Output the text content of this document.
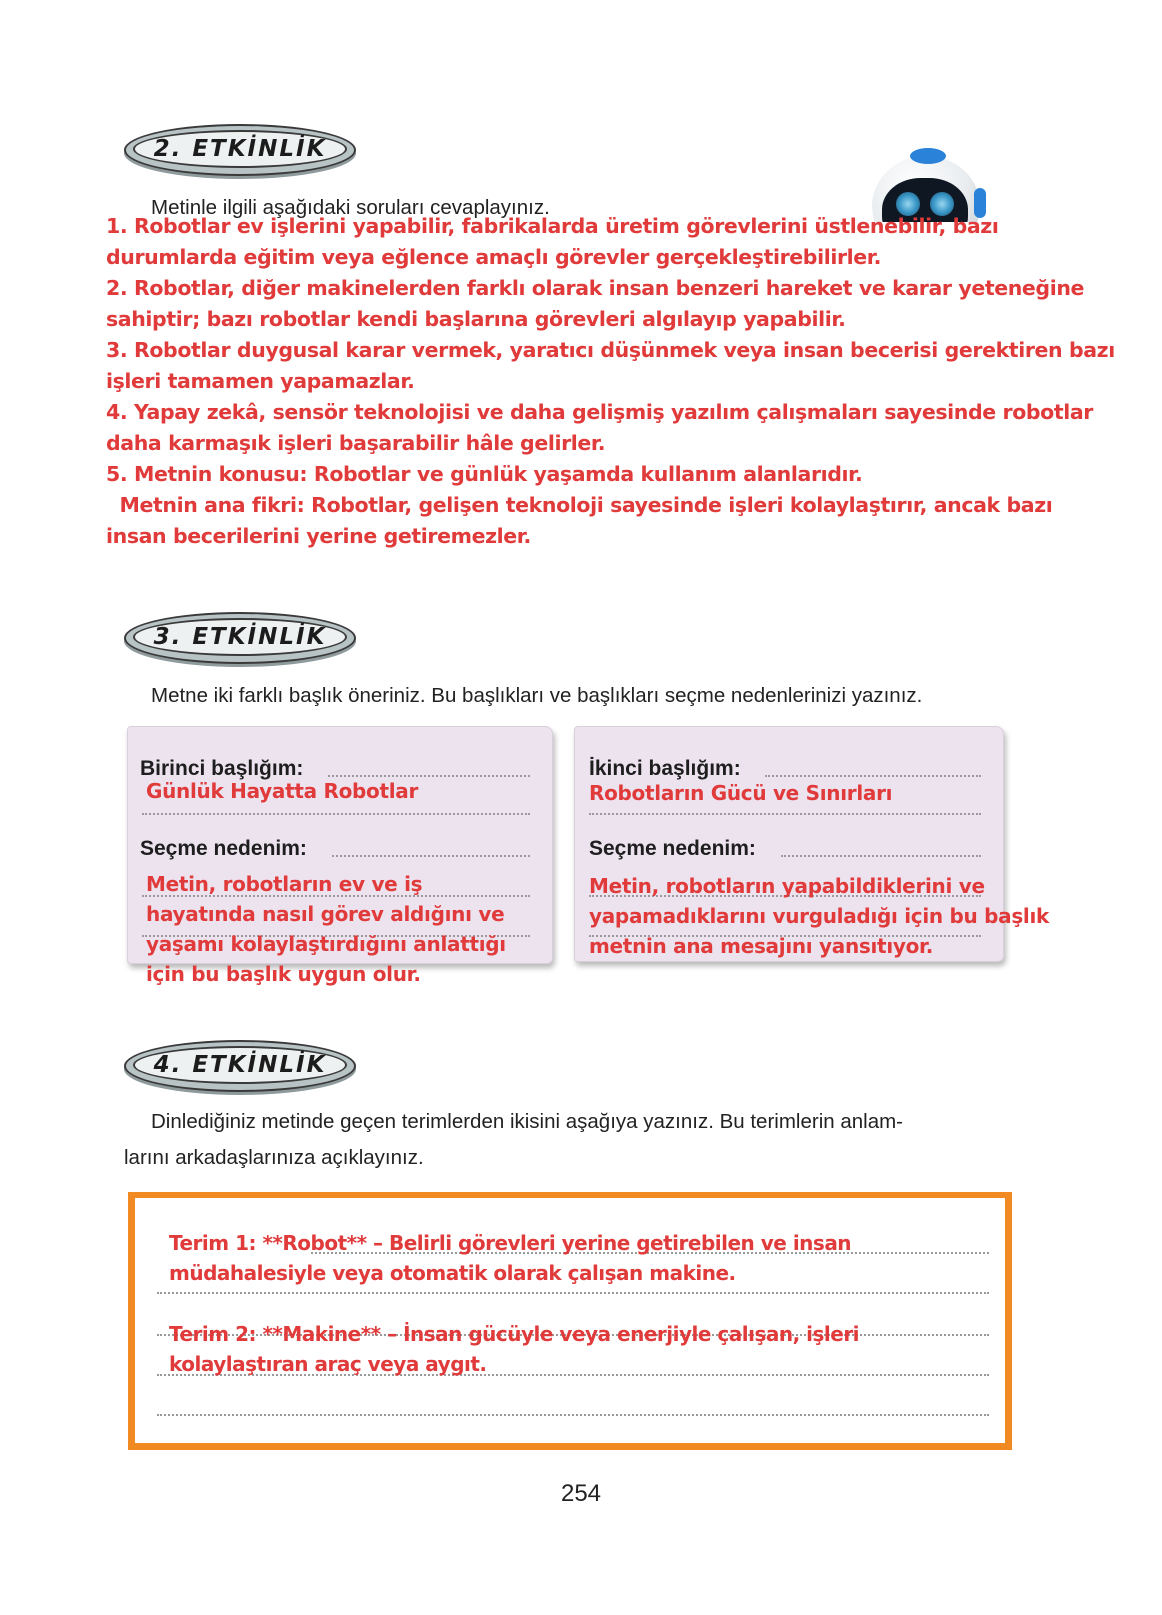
2. ETKİNLİK
Metinle ilgili aşağıdaki soruları cevaplayınız.

1. Robotlar ev işlerini yapabilir, fabrikalarda üretim görevlerini üstlenebilir, bazı

durumlarda eğitim veya eğlence amaçlı görevler gerçekleştirebilirler.

2. Robotlar, diğer makinelerden farklı olarak insan benzeri hareket ve karar yeteneğine

sahiptir; bazı robotlar kendi başlarına görevleri algılayıp yapabilir.

3. Robotlar duygusal karar vermek, yaratıcı düşünmek veya insan becerisi gerektiren bazı

işleri tamamen yapamazlar.

4. Yapay zekâ, sensör teknolojisi ve daha gelişmiş yazılım çalışmaları sayesinde robotlar

daha karmaşık işleri başarabilir hâle gelirler.

5. Metnin konusu: Robotlar ve günlük yaşamda kullanım alanlarıdır.

Metnin ana fikri: Robotlar, gelişen teknoloji sayesinde işleri kolaylaştırır, ancak bazı

insan becerilerini yerine getiremezler.

3. ETKİNLİK
Metne iki farklı başlık öneriniz. Bu başlıkları ve başlıkları seçme nedenlerinizi yazınız.
Birinci başlığım:
Günlük Hayatta Robotlar
Seçme nedenim:

Metin, robotların ev ve iş

hayatında nasıl görev aldığını ve

yaşamı kolaylaştırdığını anlattığı

için bu başlık uygun olur.

İkinci başlığım:
Robotların Gücü ve Sınırları
Seçme nedenim:

Metin, robotların yapabildiklerini ve

yapamadıklarını vurguladığı için bu başlık

metnin ana mesajını yansıtıyor.

4. ETKİNLİK
Dinlediğiniz metinde geçen terimlerden ikisini aşağıya yazınız. Bu terimlerin anlam-
larını arkadaşlarınıza açıklayınız.

Terim 1: **Robot** – Belirli görevleri yerine getirebilen ve insan

müdahalesiyle veya otomatik olarak çalışan makine.

Terim 2: **Makine** – İnsan gücüyle veya enerjiyle çalışan, işleri

kolaylaştıran araç veya aygıt.

254
